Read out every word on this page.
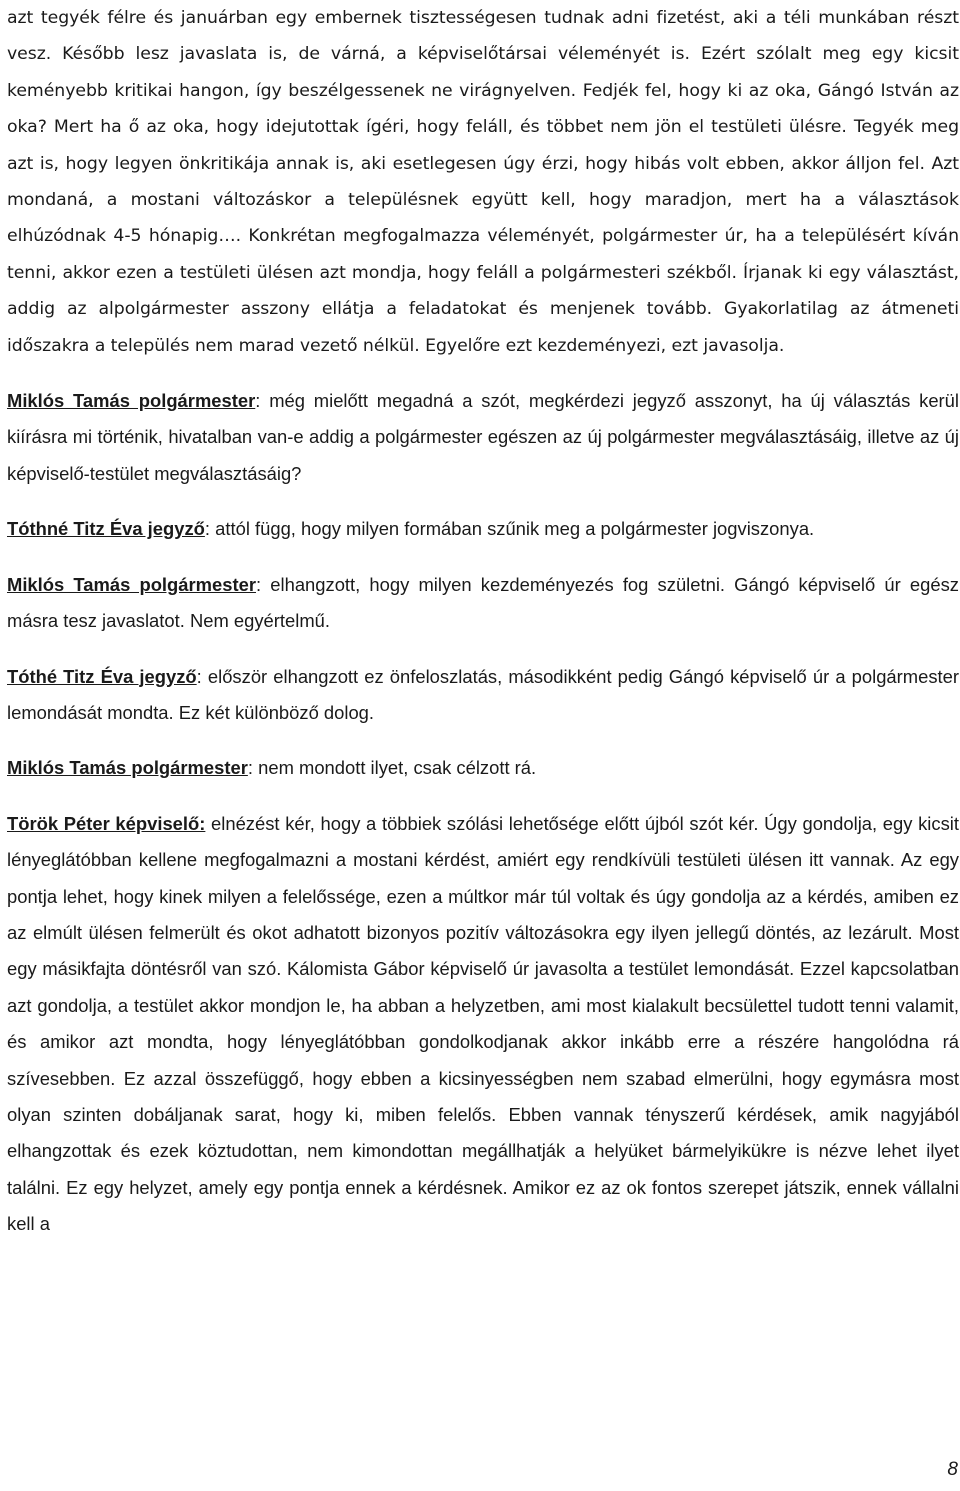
azt tegyék félre és januárban egy embernek tisztességesen tudnak adni fizetést, aki a téli munkában részt vesz. Később lesz javaslata is, de várná, a képviselőtársai véleményét is. Ezért szólalt meg egy kicsit keményebb kritikai hangon, így beszélgessenek ne virágnyelven. Fedjék fel, hogy ki az oka, Gángó István az oka? Mert ha ő az oka, hogy idejutottak ígéri, hogy feláll, és többet nem jön el testületi ülésre. Tegyék meg azt is, hogy legyen önkritikája annak is, aki esetlegesen úgy érzi, hogy hibás volt ebben, akkor álljon fel. Azt mondaná, a mostani változáskor a településnek együtt kell, hogy maradjon, mert ha a választások elhúzódnak 4-5 hónapig…. Konkrétan megfogalmazza véleményét, polgármester úr, ha a településért kíván tenni, akkor ezen a testületi ülésen azt mondja, hogy feláll a polgármesteri székből. Írjanak ki egy választást, addig az alpolgármester asszony ellátja a feladatokat és menjenek tovább. Gyakorlatilag az átmeneti időszakra a település nem marad vezető nélkül. Egyelőre ezt kezdeményezi, ezt javasolja.

Miklós Tamás polgármester: még mielőtt megadná a szót, megkérdezi jegyző asszonyt, ha új választás kerül kiírásra mi történik, hivatalban van-e addig a polgármester egészen az új polgármester megválasztásáig, illetve az új képviselő-testület megválasztásáig?

Tóthné Titz Éva jegyző: attól függ, hogy milyen formában szűnik meg a polgármester jogviszonya.

Miklós Tamás polgármester: elhangzott, hogy milyen kezdeményezés fog születni. Gángó képviselő úr egész másra tesz javaslatot. Nem egyértelmű.

Tóthé Titz Éva jegyző: először elhangzott ez önfeloszlatás, másodikként pedig Gángó képviselő úr a polgármester lemondását mondta. Ez két különböző dolog.

Miklós Tamás polgármester: nem mondott ilyet, csak célzott rá.

Török Péter képviselő: elnézést kér, hogy a többiek szólási lehetősége előtt újból szót kér. Úgy gondolja, egy kicsit lényeglátóbban kellene megfogalmazni a mostani kérdést, amiért egy rendkívüli testületi ülésen itt vannak. Az egy pontja lehet, hogy kinek milyen a felelőssége, ezen a múltkor már túl voltak és úgy gondolja az a kérdés, amiben ez az elmúlt ülésen felmerült és okot adhatott bizonyos pozitív változásokra egy ilyen jellegű döntés, az lezárult. Most egy másikfajta döntésről van szó. Kálomista Gábor képviselő úr javasolta a testület lemondását. Ezzel kapcsolatban azt gondolja, a testület akkor mondjon le, ha abban a helyzetben, ami most kialakult becsülettel tudott tenni valamit, és amikor azt mondta, hogy lényeglátóbban gondolkodjanak akkor inkább erre a részére hangolódna rá szívesebben. Ez azzal összefüggő, hogy ebben a kicsinyességben nem szabad elmerülni, hogy egymásra most olyan szinten dobáljanak sarat, hogy ki, miben felelős. Ebben vannak tényszerű kérdések, amik nagyjából elhangzottak és ezek köztudottan, nem kimondottan megállhatják a helyüket bármelyikükre is nézve lehet ilyet találni. Ez egy helyzet, amely egy pontja ennek a kérdésnek. Amikor ez az ok fontos szerepet játszik, ennek vállalni kell a

8
